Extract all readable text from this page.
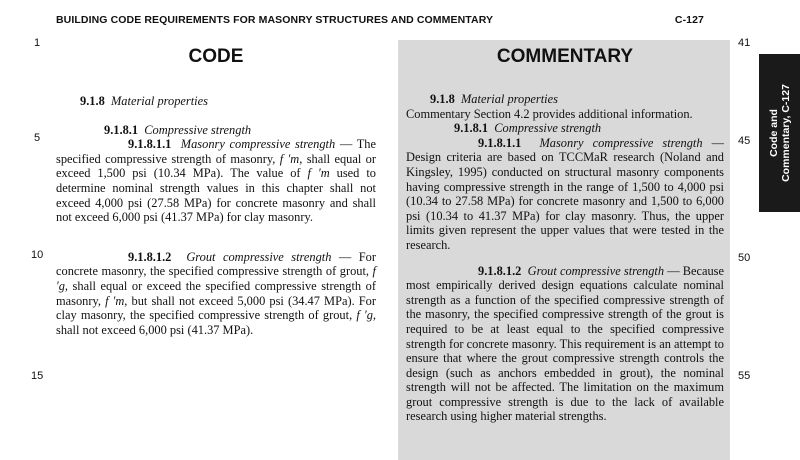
BUILDING CODE REQUIREMENTS FOR MASONRY STRUCTURES AND COMMENTARY	C-127
1
5
10
15
41
45
50
55
Code and Commentary, C-127
CODE

9.1.8 Material properties

9.1.8.1 Compressive strength

9.1.8.1.1 Masonry compressive strength — The specified compressive strength of masonry, f ′m, shall equal or exceed 1,500 psi (10.34 MPa). The value of f ′m used to determine nominal strength values in this chapter shall not exceed 4,000 psi (27.58 MPa) for concrete masonry and shall not exceed 6,000 psi (41.37 MPa) for clay masonry.

9.1.8.1.2 Grout compressive strength — For concrete masonry, the specified compressive strength of grout, f ′g, shall equal or exceed the specified compressive strength of masonry, f ′m, but shall not exceed 5,000 psi (34.47 MPa). For clay masonry, the specified compressive strength of grout, f ′g, shall not exceed 6,000 psi (41.37 MPa).

COMMENTARY

9.1.8 Material properties

Commentary Section 4.2 provides additional information.

9.1.8.1 Compressive strength

9.1.8.1.1 Masonry compressive strength — Design criteria are based on TCCMaR research (Noland and Kingsley, 1995) conducted on structural masonry components having compressive strength in the range of 1,500 to 4,000 psi (10.34 to 27.58 MPa) for concrete masonry and 1,500 to 6,000 psi (10.34 to 41.37 MPa) for clay masonry. Thus, the upper limits given represent the upper values that were tested in the research.

9.1.8.1.2 Grout compressive strength — Because most empirically derived design equations calculate nominal strength as a function of the specified compressive strength of the masonry, the specified compressive strength of the grout is required to be at least equal to the specified compressive strength for concrete masonry. This requirement is an attempt to ensure that where the grout compressive strength controls the design (such as anchors embedded in grout), the nominal strength will not be affected. The limitation on the maximum grout compressive strength is due to the lack of available research using higher material strengths.
